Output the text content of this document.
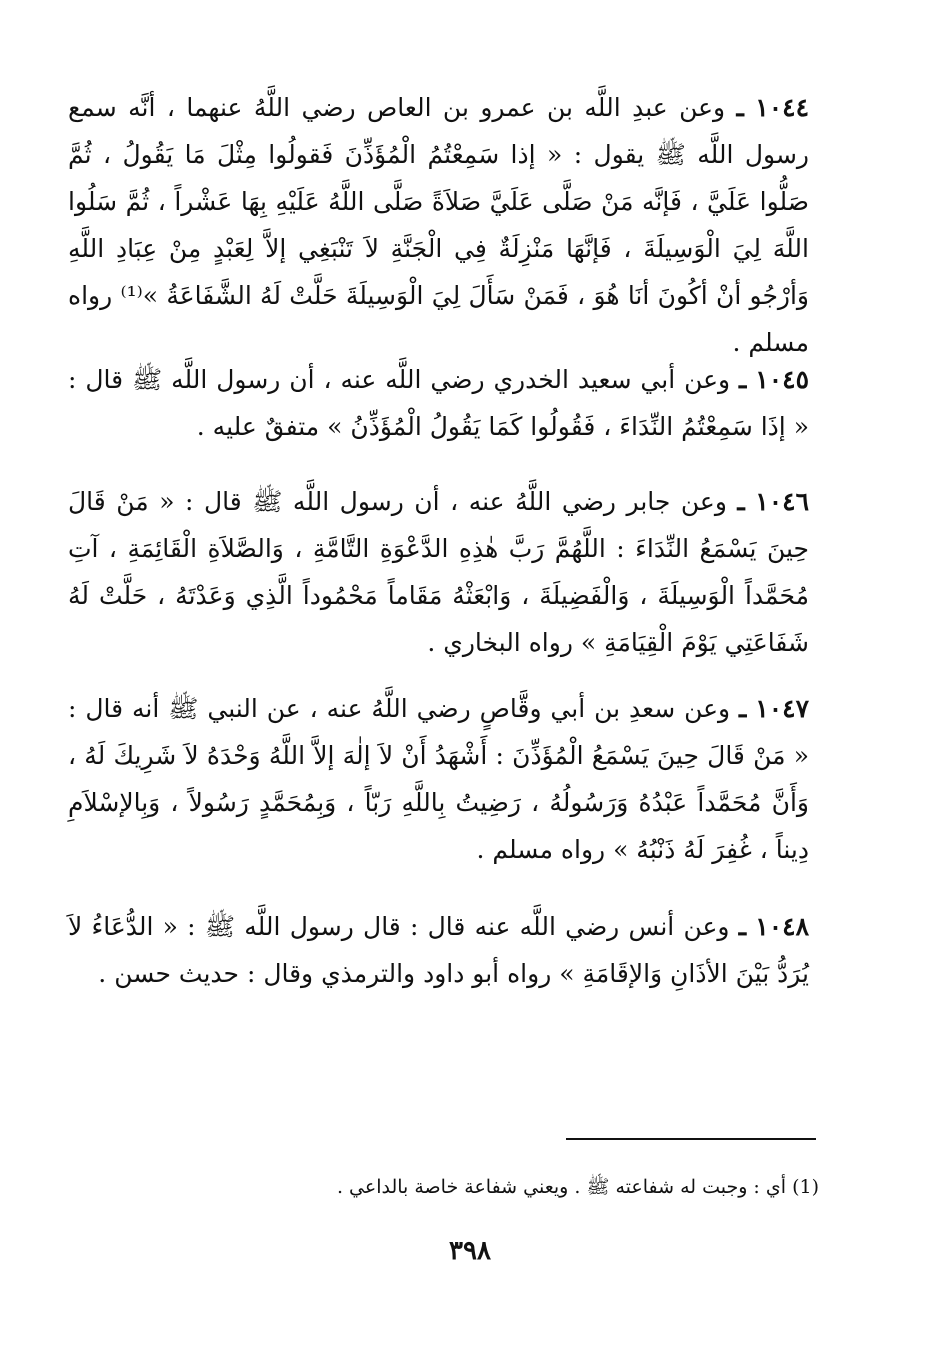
١٠٤٤ ـ وعن عبدِ اللَّه بن عمرو بن العاص رضي اللَّهُ عنهما ، أنَّه سمع رسول اللَّه ﷺ يقول : « إذا سَمِعْتُمُ الْمُؤَذِّنَ فَقولُوا مِثْلَ مَا يَقُولُ ، ثُمَّ صَلُّوا عَلَيَّ ، فَإنَّه مَنْ صَلَّى عَلَيَّ صَلاَةً صَلَّى اللَّهُ عَلَيْهِ بِهَا عَشْراً ، ثُمَّ سَلُوا اللَّهَ لِيَ الْوَسِيلَةَ ، فَإنَّهَا مَنْزِلَةٌ فِي الْجَنَّةِ لاَ تَنْبَغِي إلاَّ لِعَبْدٍ مِنْ عِبَادِ اللَّهِ وَأرْجُو أنْ أكُونَ أنَا هُوَ ، فَمَنْ سَأَلَ لِيَ الْوَسِيلَةَ حَلَّتْ لَهُ الشَّفَاعَةُ »⁽¹⁾ رواه مسلم .

١٠٤٥ ـ وعن أبي سعيد الخدري رضي اللَّه عنه ، أن رسول اللَّه ﷺ قال : « إذَا سَمِعْتُمُ النِّدَاءَ ، فَقُولُوا كَمَا يَقُولُ الْمُؤَذِّنُ » متفقٌ عليه .

١٠٤٦ ـ وعن جابر رضي اللَّهُ عنه ، أن رسول اللَّه ﷺ قال : « مَنْ قَالَ حِينَ يَسْمَعُ النِّدَاءَ : اللَّهُمَّ رَبَّ هٰذِهِ الدَّعْوَةِ التَّامَّةِ ، وَالصَّلاَةِ الْقَائِمَةِ ، آتِ مُحَمَّداً الْوَسِيلَةَ ، وَالْفَضِيلَةَ ، وَابْعَثْهُ مَقَاماً مَحْمُوداً الَّذِي وَعَدْتَهُ ، حَلَّتْ لَهُ شَفَاعَتِي يَوْمَ الْقِيَامَةِ » رواه البخاري .

١٠٤٧ ـ وعن سعدِ بن أبي وقَّاصٍ رضي اللَّهُ عنه ، عن النبي ﷺ أنه قال : « مَنْ قَالَ حِينَ يَسْمَعُ الْمُؤَذِّنَ : أَشْهَدُ أَنْ لاَ إلٰهَ إلاَّ اللَّهُ وَحْدَهُ لاَ شَرِيكَ لَهُ ، وَأَنَّ مُحَمَّداً عَبْدُهُ وَرَسُولُهُ ، رَضِيتُ بِاللَّهِ رَبّاً ، وَبِمُحَمَّدٍ رَسُولاً ، وَبِالإسْلاَمِ دِيناً ، غُفِرَ لَهُ ذَنْبُهُ » رواه مسلم .

١٠٤٨ ـ وعن أنس رضي اللَّه عنه قال : قال رسول اللَّه ﷺ : « الدُّعَاءُ لاَ يُرَدُّ بَيْنَ الأذَانِ وَالإقَامَةِ » رواه أبو داود والترمذي وقال : حديث حسن .

(1) أي : وجبت له شفاعته ﷺ . ويعني شفاعة خاصة بالداعي .

٣٩٨
